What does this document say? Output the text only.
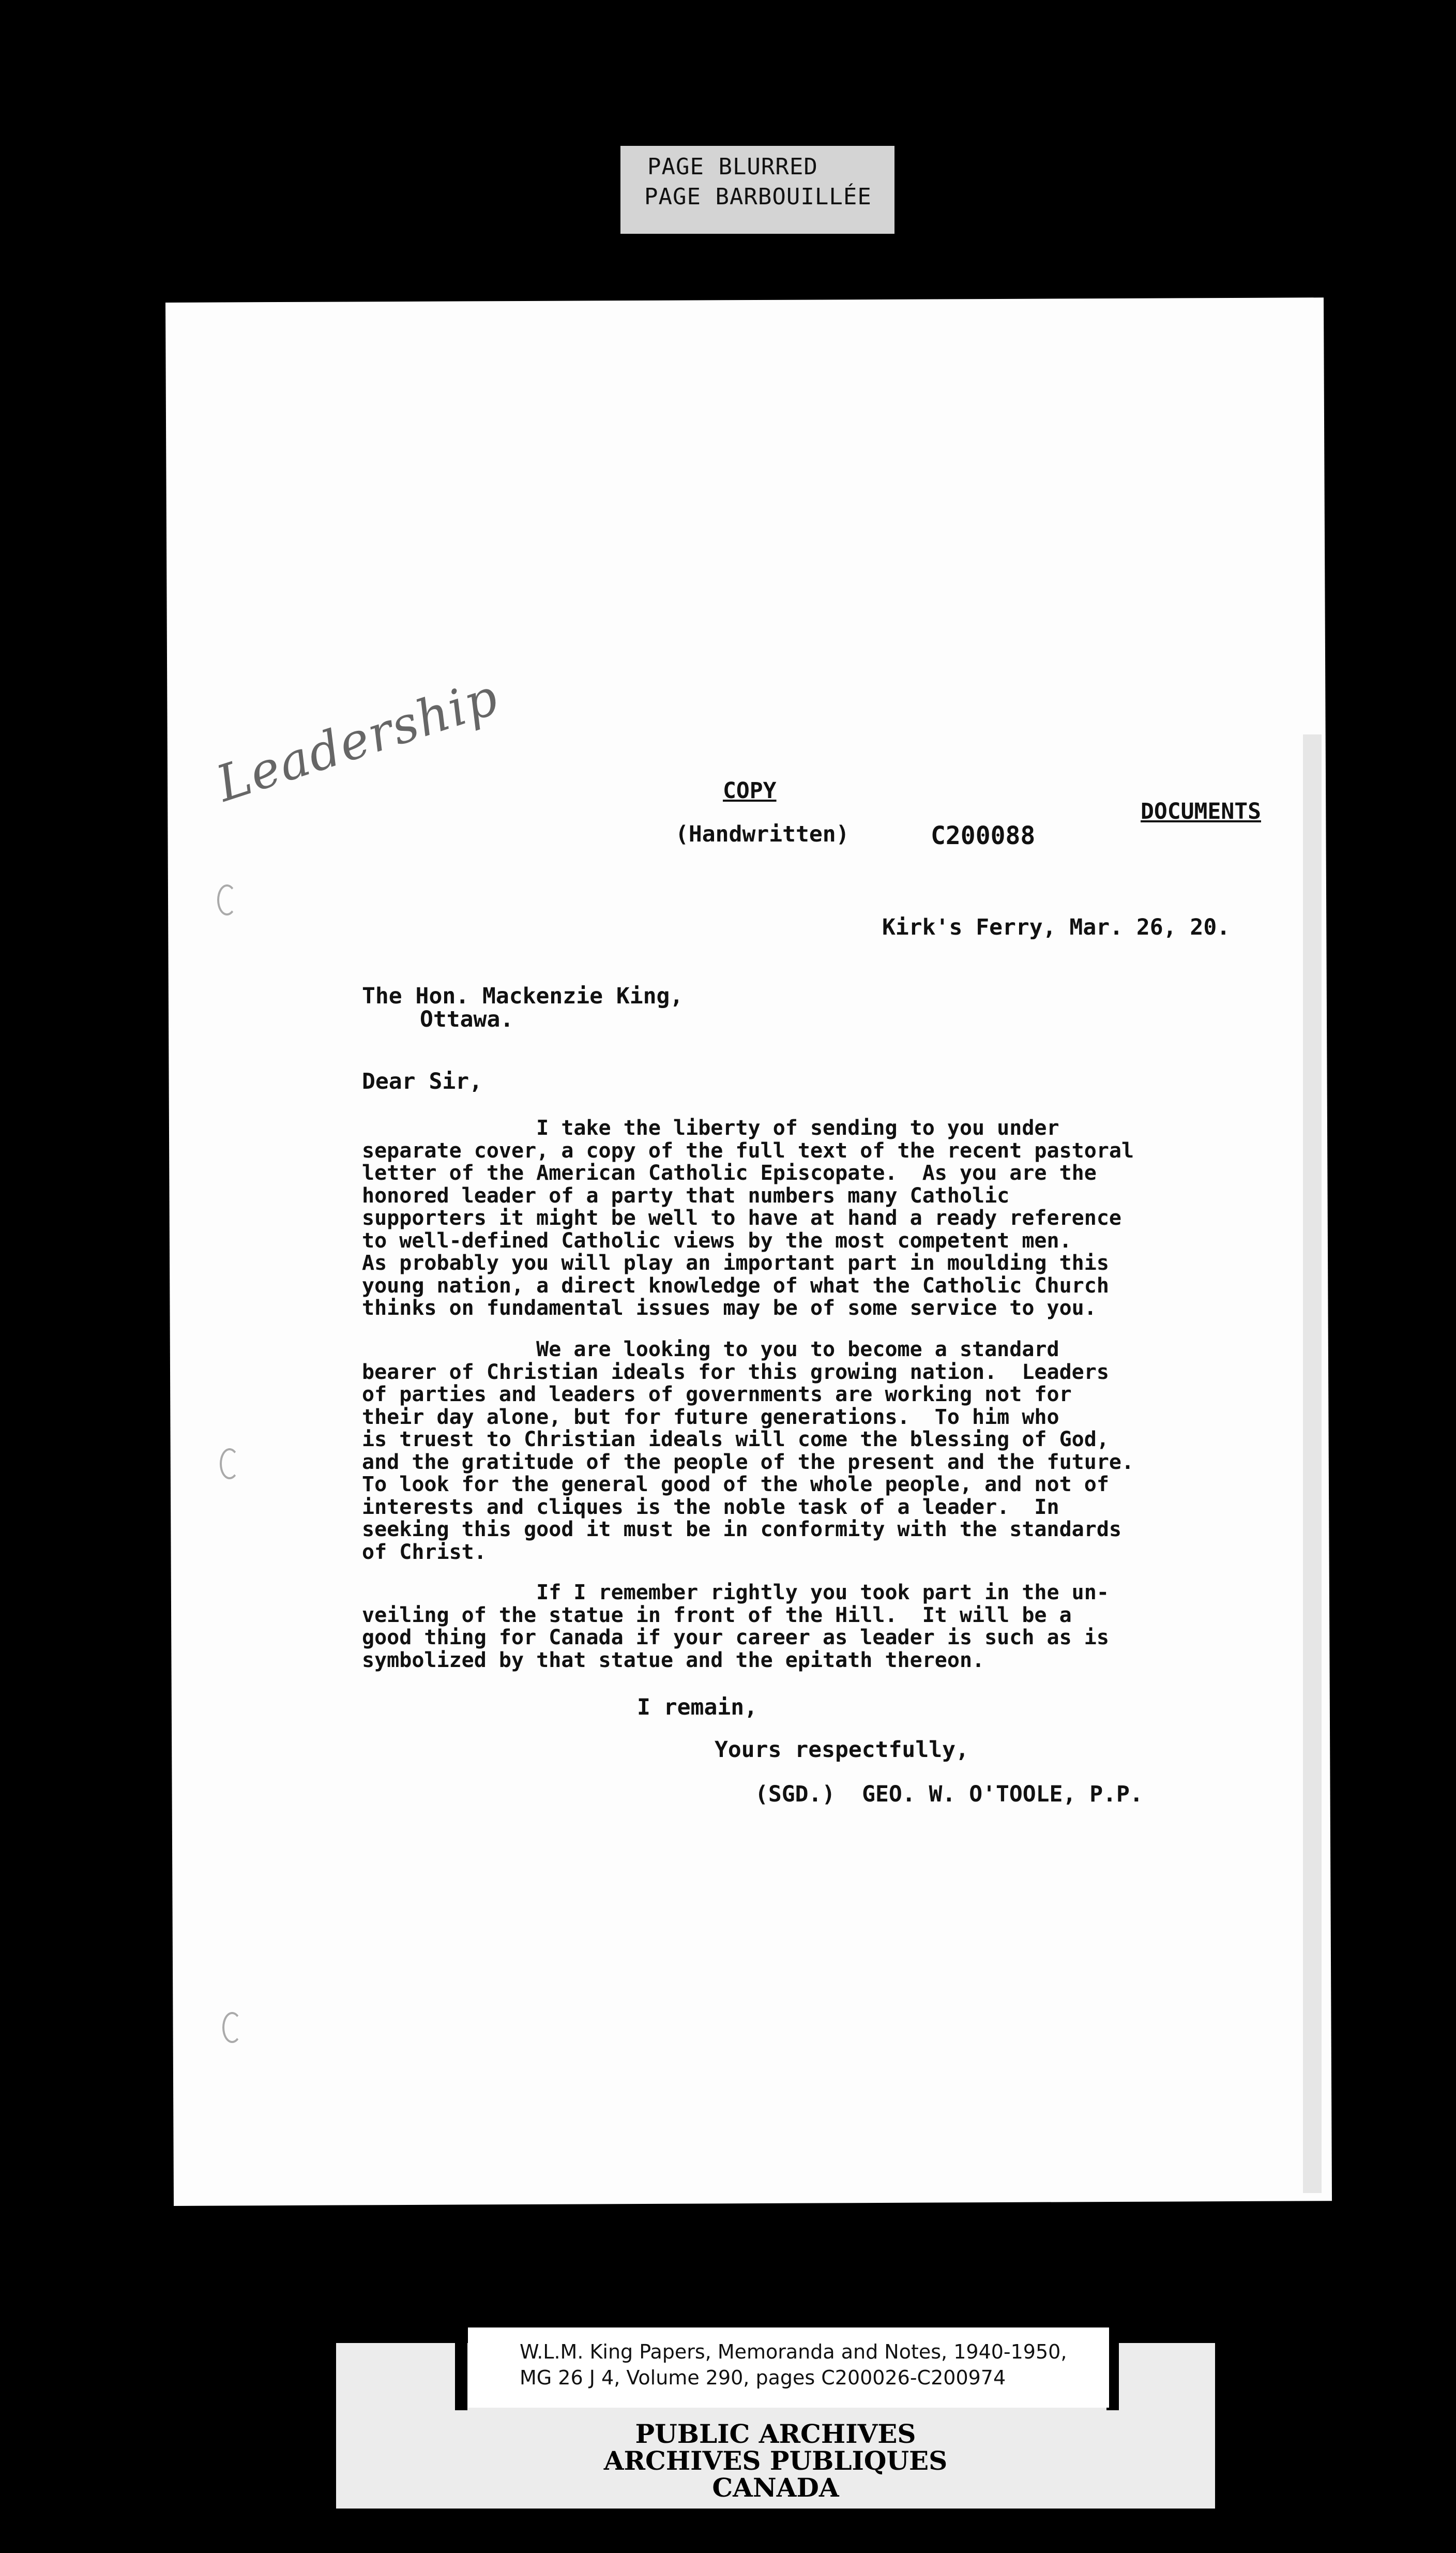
PAGE BLURRED
PAGE BARBOUILLÉE
Leadership	COPY
(Handwritten)	C200088
DOCUMENTS
Kirk's Ferry, Mar. 26, 20.
The Hon. Mackenzie King,
Ottawa.
Dear Sir,
I take the liberty of sending to you under
separate cover, a copy of the full text of the recent pastoral
letter of the American Catholic Episcopate.  As you are the
honored leader of a party that numbers many Catholic
supporters it might be well to have at hand a ready reference
to well-defined Catholic views by the most competent men.
As probably you will play an important part in moulding this
young nation, a direct knowledge of what the Catholic Church
thinks on fundamental issues may be of some service to you.
We are looking to you to become a standard
bearer of Christian ideals for this growing nation.  Leaders
of parties and leaders of governments are working not for
their day alone, but for future generations.  To him who
is truest to Christian ideals will come the blessing of God,
and the gratitude of the people of the present and the future.
To look for the general good of the whole people, and not of
interests and cliques is the noble task of a leader.  In
seeking this good it must be in conformity with the standards
of Christ.
If I remember rightly you took part in the un-
veiling of the statue in front of the Hill.  It will be a
good thing for Canada if your career as leader is such as is
symbolized by that statue and the epitath thereon.
I remain,
Yours respectfully,
(SGD.)  GEO. W. O'TOOLE, P.P.
W.L.M. King Papers, Memoranda and Notes, 1940-1950,
MG 26 J 4, Volume 290, pages C200026-C200974
PUBLIC ARCHIVES
ARCHIVES PUBLIQUES
CANADA
